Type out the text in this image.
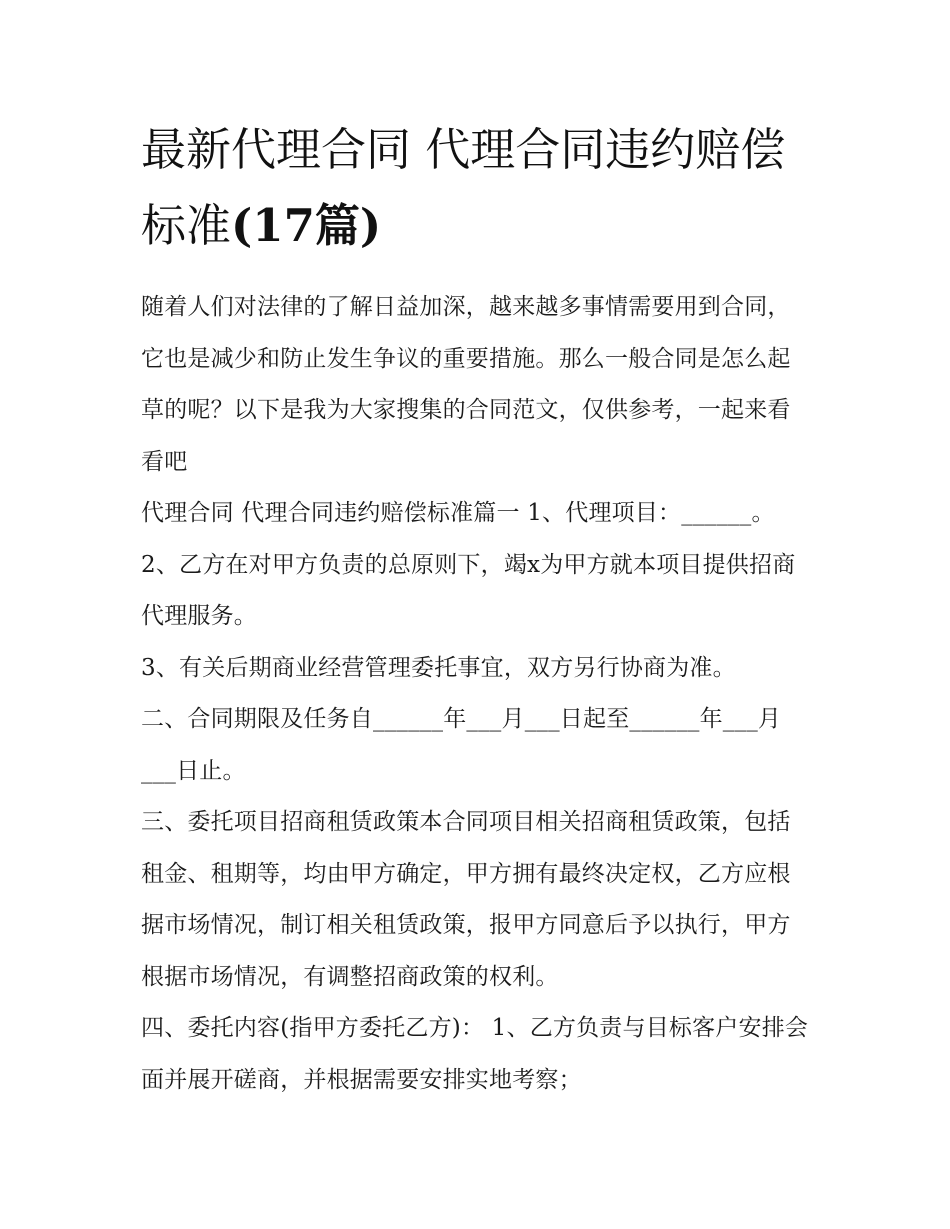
最新代理合同 代理合同违约赔偿标准(17篇)

随着人们对法律的了解日益加深，越来越多事情需要用到合同，它也是减少和防止发生争议的重要措施。那么一般合同是怎么起草的呢？以下是我为大家搜集的合同范文，仅供参考，一起来看看吧

代理合同 代理合同违约赔偿标准篇一 1、代理项目：______。

2、乙方在对甲方负责的总原则下，竭x为甲方就本项目提供招商代理服务。

3、有关后期商业经营管理委托事宜，双方另行协商为准。

二、合同期限及任务自______年___月___日起至______年___月___日止。

三、委托项目招商租赁政策本合同项目相关招商租赁政策，包括租金、租期等，均由甲方确定，甲方拥有最终决定权，乙方应根据市场情况，制订相关租赁政策，报甲方同意后予以执行，甲方根据市场情况，有调整招商政策的权利。

四、委托内容(指甲方委托乙方)： 1、乙方负责与目标客户安排会面并展开磋商，并根据需要安排实地考察；
